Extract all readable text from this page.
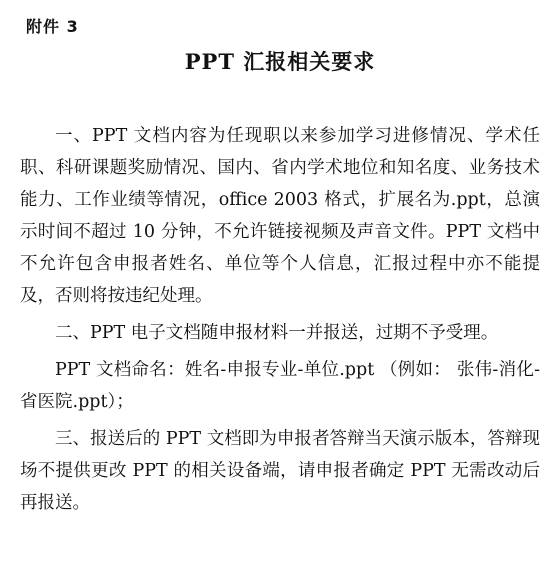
附件 3
PPT 汇报相关要求

一、PPT 文档内容为任现职以来参加学习进修情况、学术任职、科研课题奖励情况、国内、省内学术地位和知名度、业务技术能力、工作业绩等情况，office 2003 格式，扩展名为.ppt，总演示时间不超过 10 分钟，不允许链接视频及声音文件。PPT 文档中不允许包含申报者姓名、单位等个人信息，汇报过程中亦不能提及，否则将按违纪处理。

二、PPT 电子文档随申报材料一并报送，过期不予受理。

PPT 文档命名：姓名-申报专业-单位.ppt （例如： 张伟-消化-省医院.ppt）；

三、报送后的 PPT 文档即为申报者答辩当天演示版本，答辩现场不提供更改 PPT 的相关设备端，请申报者确定 PPT 无需改动后再报送。
